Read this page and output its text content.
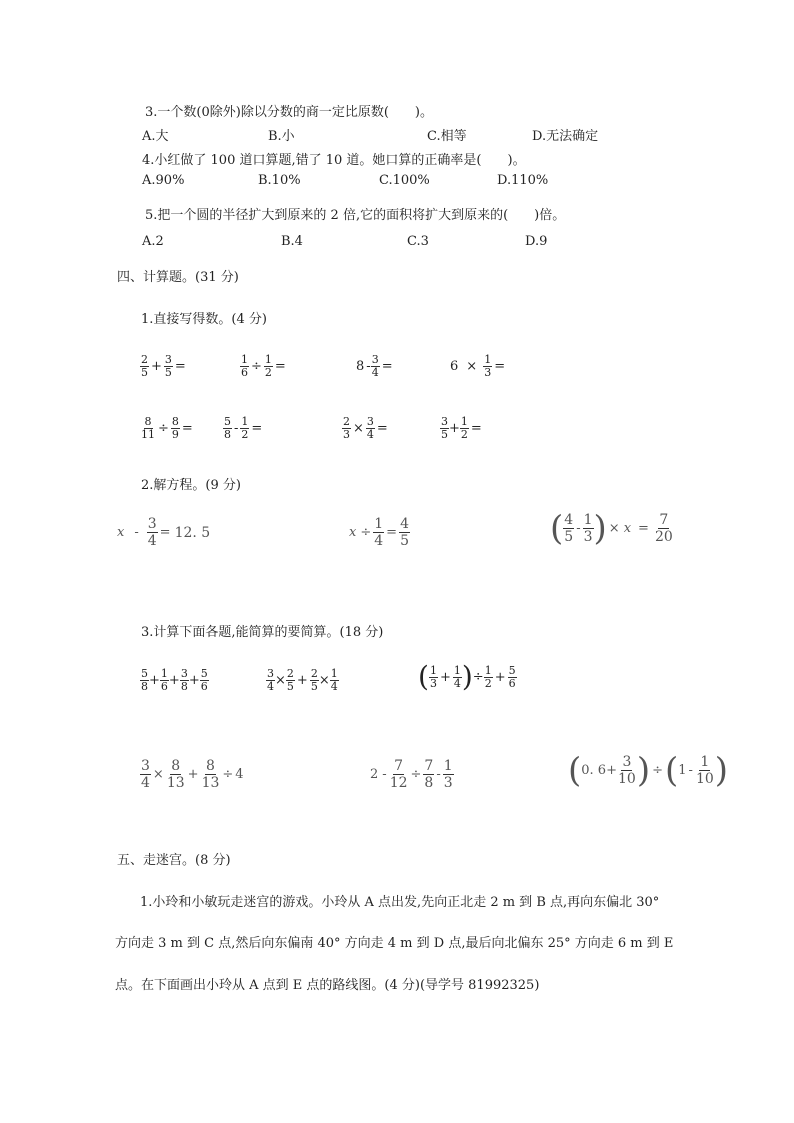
3.一个数(0除外)除以分数的商一定比原数(　　)。
A.大	B.小	C.相等	D.无法确定
4.小红做了 100 道口算题,错了 10 道。她口算的正确率是(　　)。
A.90%	B.10%	C.100%	D.110%
5.把一个圆的半径扩大到原来的 2 倍,它的面积将扩大到原来的(　　)倍。
A.2	B.4	C.3	D.9
四、计算题。(31 分)
1.直接写得数。(4 分)
$\frac{2}{5} + \frac{3}{5}$ =	$\frac{1}{6} \div \frac{1}{2}$ =	$8 - \frac{3}{4}$ =	$6 \times \frac{1}{3}$ =
$\frac{8}{11} \div \frac{8}{9}$ =	$\frac{5}{8} - \frac{1}{2}$ =	$\frac{2}{3} \times \frac{3}{4}$ =	$\frac{3}{5} + \frac{1}{2}$ =
2.解方程。(9 分)
$x - \frac{3}{4} = 12$. 5	$x \div \frac{1}{4} = \frac{4}{5}$	( $\frac{4}{5} - \frac{1}{3}$ ) × $x = \frac{7}{20}$
3.计算下面各题,能简算的要简算。(18 分)
$\frac{5}{8} + \frac{1}{6} + \frac{3}{8} + \frac{5}{6}$	$\frac{3}{4} \times \frac{2}{5} + \frac{2}{5} \times \frac{1}{4}$	( $\frac{1}{3} + \frac{1}{4}$ )÷ $\frac{1}{2} + \frac{5}{6}$
$\frac{3}{4} \times \frac{8}{13} + \frac{8}{13} \div 4$	$2 - \frac{7}{12} \div \frac{7}{8} - \frac{1}{3}$	(0. $6+ \frac{3}{10}$ ) $\div(1 - \frac{1}{10}$ )
五、走迷宫。(8 分)
1.小玲和小敏玩走迷宫的游戏。小玲从 A 点出发,先向正北走 2 m 到 B 点,再向东偏北 30°
方向走 3 m 到 C 点,然后向东偏南 40° 方向走 4 m 到 D 点,最后向北偏东 25° 方向走 6 m 到 E
点。在下面画出小玲从 A 点到 E 点的路线图。(4 分)(导学号 81992325)
